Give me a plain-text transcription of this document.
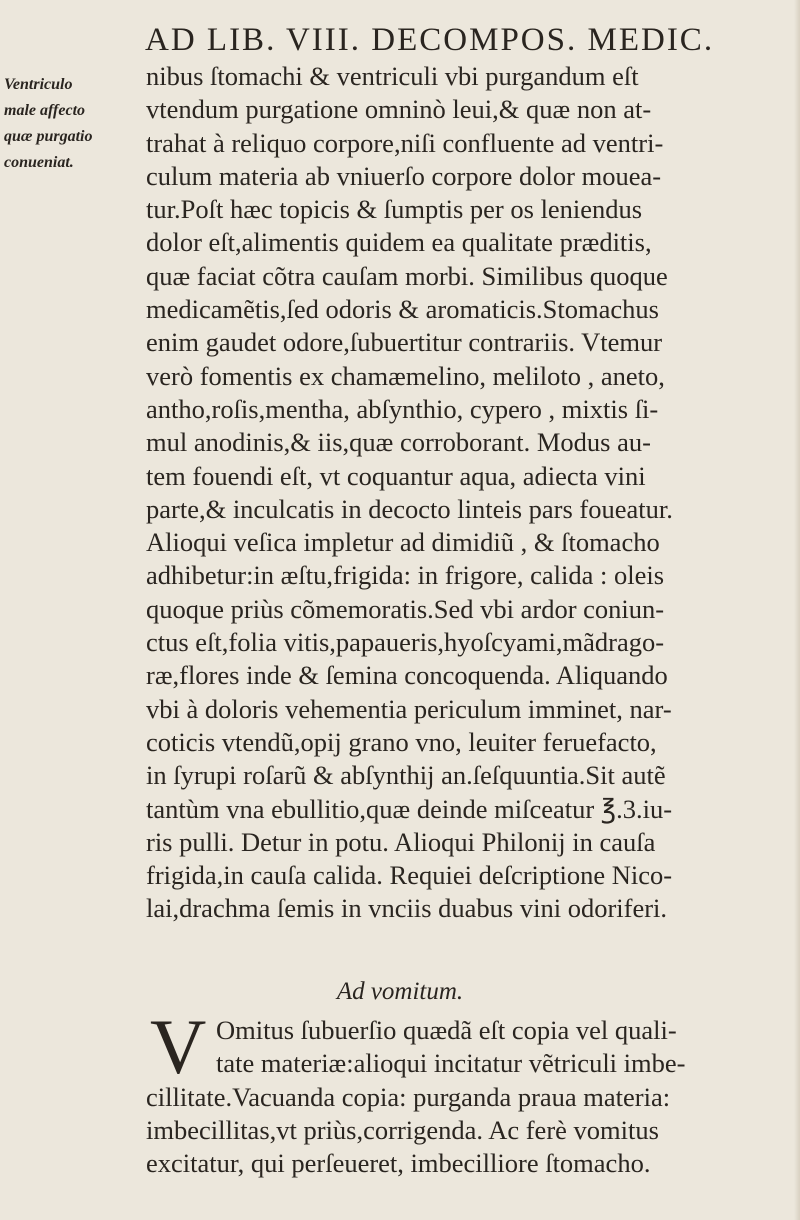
AD LIB. VIII. DECOMPOS. MEDIC.
Ventriculo
male affecto
quæ purgatio
conueniat.
nibus ſtomachi & ventriculi vbi purgandum eſt
vtendum purgatione omninò leui,& quæ non at-
trahat à reliquo corpore,niſi confluente ad ventri-
culum materia ab vniuerſo corpore dolor mouea-
tur.Poſt hæc topicis & ſumptis per os leniendus
dolor eſt,alimentis quidem ea qualitate præditis,
quæ faciat cõtra cauſam morbi. Similibus quoque
medicamẽtis,ſed odoris & aromaticis.Stomachus
enim gaudet odore,ſubuertitur contrariis. Vtemur
verò fomentis ex chamæmelino, meliloto , aneto,
antho,roſis,mentha, abſynthio, cypero , mixtis ſi-
mul anodinis,& iis,quæ corroborant. Modus au-
tem fouendi eſt, vt coquantur aqua, adiecta vini
parte,& inculcatis in decocto linteis pars foueatur.
Alioqui veſica impletur ad dimidiũ , & ſtomacho
adhibetur:in æſtu,frigida: in frigore, calida : oleis
quoque priùs cõmemoratis.Sed vbi ardor coniun-
ctus eſt,folia vitis,papaueris,hyoſcyami,mãdrago-
ræ,flores inde & ſemina concoquenda. Aliquando
vbi à doloris vehementia periculum imminet, nar-
coticis vtendũ,opij grano vno, leuiter feruefacto,
in ſyrupi roſarũ & abſynthij an.ſeſquuntia.Sit autẽ
tantùm vna ebullitio,quæ deinde miſceatur ℥.3.iu-
ris pulli. Detur in potu. Alioqui Philonij in cauſa
frigida,in cauſa calida. Requiei deſcriptione Nico-
lai,drachma ſemis in vnciis duabus vini odoriferi.
Ad vomitum.
V Omitus ſubuerſio quædã eſt copia vel quali-
tate materiæ:alioqui incitatur vẽtriculi imbe-
cillitate.Vacuanda copia: purganda praua materia:
imbecillitas,vt priùs,corrigenda. Ac ferè vomitus
excitatur, qui perſeueret, imbecilliore ſtomacho.
